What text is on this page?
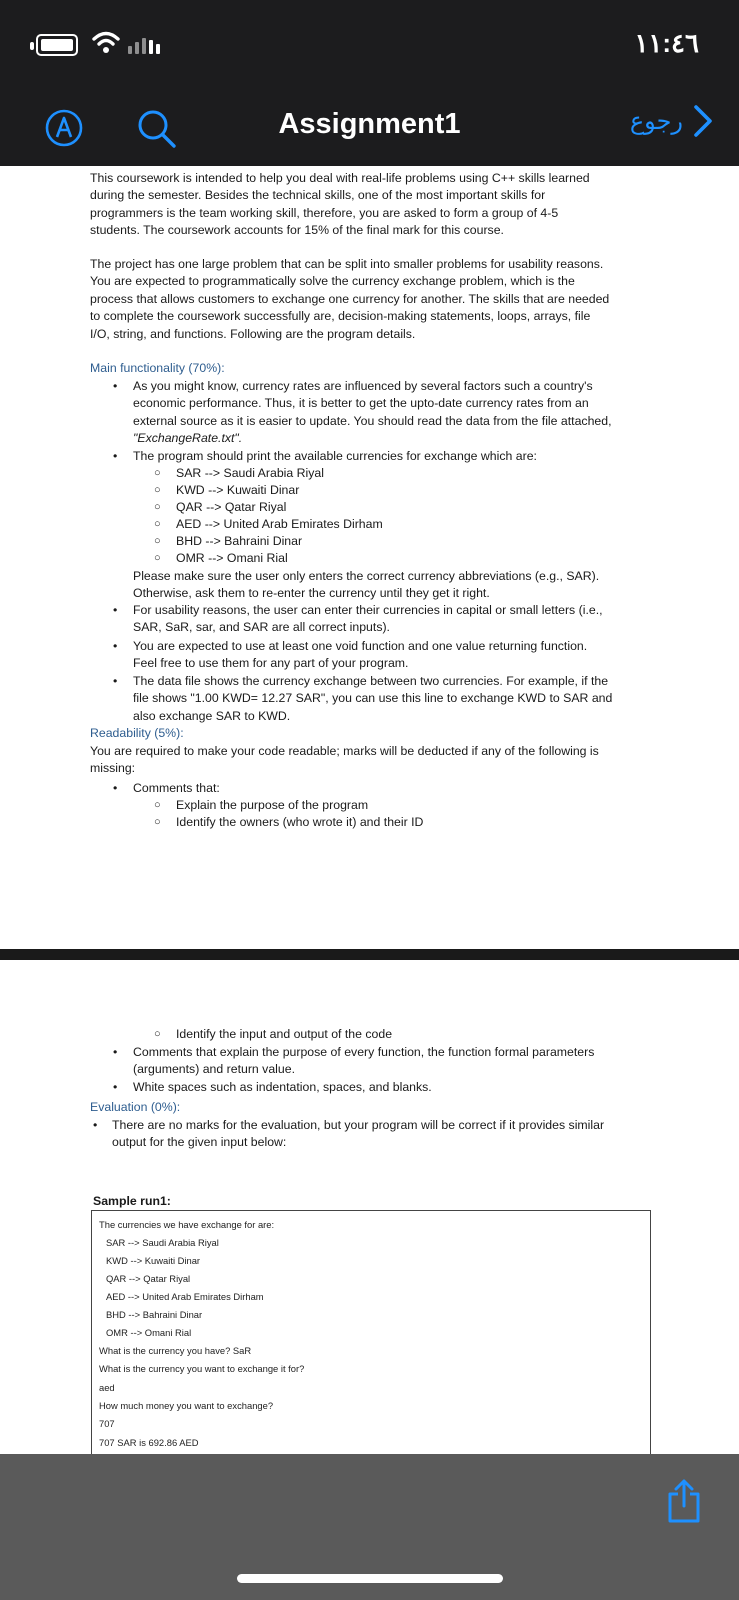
١١:٤٦
Assignment1	رجوع
This coursework is intended to help you deal with real-life problems using C++ skills learned
during the semester. Besides the technical skills, one of the most important skills for
programmers is the team working skill, therefore, you are asked to form a group of 4-5
students. The coursework accounts for 15% of the final mark for this course.
The project has one large problem that can be split into smaller problems for usability reasons.
You are expected to programmatically solve the currency exchange problem, which is the
process that allows customers to exchange one currency for another. The skills that are needed
to complete the coursework successfully are, decision-making statements, loops, arrays, file
I/O, string, and functions. Following are the program details.
Main functionality (70%):
• As you might know, currency rates are influenced by several factors such a country's
economic performance. Thus, it is better to get the upto-date currency rates from an
external source as it is easier to update. You should read the data from the file attached,
"ExchangeRate.txt".
• The program should print the available currencies for exchange which are:
○ SAR --> Saudi Arabia Riyal
○ KWD --> Kuwaiti Dinar
○ QAR --> Qatar Riyal
○ AED --> United Arab Emirates Dirham
○ BHD --> Bahraini Dinar
○ OMR --> Omani Rial
Please make sure the user only enters the correct currency abbreviations (e.g., SAR).
Otherwise, ask them to re-enter the currency until they get it right.
• For usability reasons, the user can enter their currencies in capital or small letters (i.e.,
SAR, SaR, sar, and SAR are all correct inputs).
• You are expected to use at least one void function and one value returning function.
Feel free to use them for any part of your program.
• The data file shows the currency exchange between two currencies. For example, if the
file shows "1.00 KWD= 12.27 SAR", you can use this line to exchange KWD to SAR and
also exchange SAR to KWD.
Readability (5%):
You are required to make your code readable; marks will be deducted if any of the following is
missing:
• Comments that:
○ Explain the purpose of the program
○ Identify the owners (who wrote it) and their ID
○ Identify the input and output of the code
• Comments that explain the purpose of every function, the function formal parameters
(arguments) and return value.
• White spaces such as indentation, spaces, and blanks.
Evaluation (0%):
• There are no marks for the evaluation, but your program will be correct if it provides similar
output for the given input below:
Sample run1:
The currencies we have exchange for are:
SAR --> Saudi Arabia Riyal
KWD --> Kuwaiti Dinar
QAR --> Qatar Riyal
AED --> United Arab Emirates Dirham
BHD --> Bahraini Dinar
OMR --> Omani Rial
What is the currency you have? SaR
What is the currency you want to exchange it for?
aed
How much money you want to exchange?
707
707 SAR is 692.86 AED
